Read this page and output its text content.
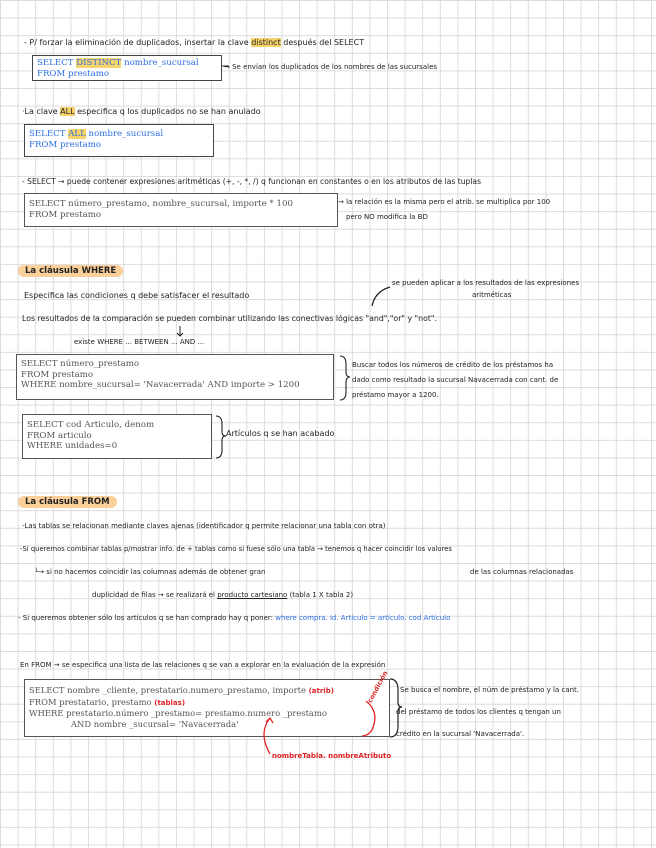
- P/ forzar la eliminación de duplicados, insertar la clave distinct después del SELECT
SELECT DISTINCT nombre_sucursal
FROM prestamo
→ Se envían los duplicados de los nombres de las sucursales
·La clave ALL especifica q los duplicados no se han anulado
SELECT ALL nombre_sucursal
FROM prestamo
- SELECT → puede contener expresiones aritméticas (+, -, *, /) q funcionan en constantes o en los atributos de las tuplas
SELECT número_prestamo, nombre_sucursal, importe * 100
FROM prestamo
→ la relación es la misma pero el atrib. se multiplica por 100
pero NO modifica la BD
La cláusula WHERE
se pueden aplicar a los resultados de las expresiones
aritméticas
Especifica las condiciones q debe satisfacer el resultado
Los resultados de la comparación se pueden combinar utilizando las conectivas lógicas "and","or" y "not".
existe WHERE ... BETWEEN ... AND ...
SELECT número_prestamo
FROM prestamo
WHERE nombre_sucursal= 'Navacerrada' AND importe > 1200
Buscar todos los números de crédito de los préstamos ha
dado como resultado la sucursal Navacerrada con cant. de
préstamo mayor a 1200.
SELECT cod Articulo, denom
FROM articulo
WHERE unidades=0
Artículos q se han acabado
La cláusula FROM
-Las tablas se relacionan mediante claves ajenas (identificador q permite relacionar una tabla con otra)
-Si queremos combinar tablas p/mostrar info. de + tablas como si fuese sólo una tabla → tenemos q hacer coincidir los valores
└→ si no hacemos coincidir las columnas además de obtener gran	de las columnas relacionadas
duplicidad de filas → se realizará el producto cartesiano (tabla 1 X tabla 2)
- Si queremos obtener sólo los artículos q se han comprado hay q poner: where compra. id. Artículo = artículo. cod Artículo
En FROM → se especifica una lista de las relaciones q se van a explorar en la evaluación de la expresión
SELECT nombre _cliente, prestatario.numero_prestamo, importe (atrib)
FROM prestatario, prestamo (tablas)
WHERE prestatario.número _prestamo= prestamo.numero _prestamo
AND nombre _sucursal= 'Navacerrada'
condición
nombreTabla. nombreAtributo
Se busca el nombre, el núm de préstamo y la cant.
del préstamo de todos los clientes q tengan un
crédito en la sucursal 'Navacerrada'.
